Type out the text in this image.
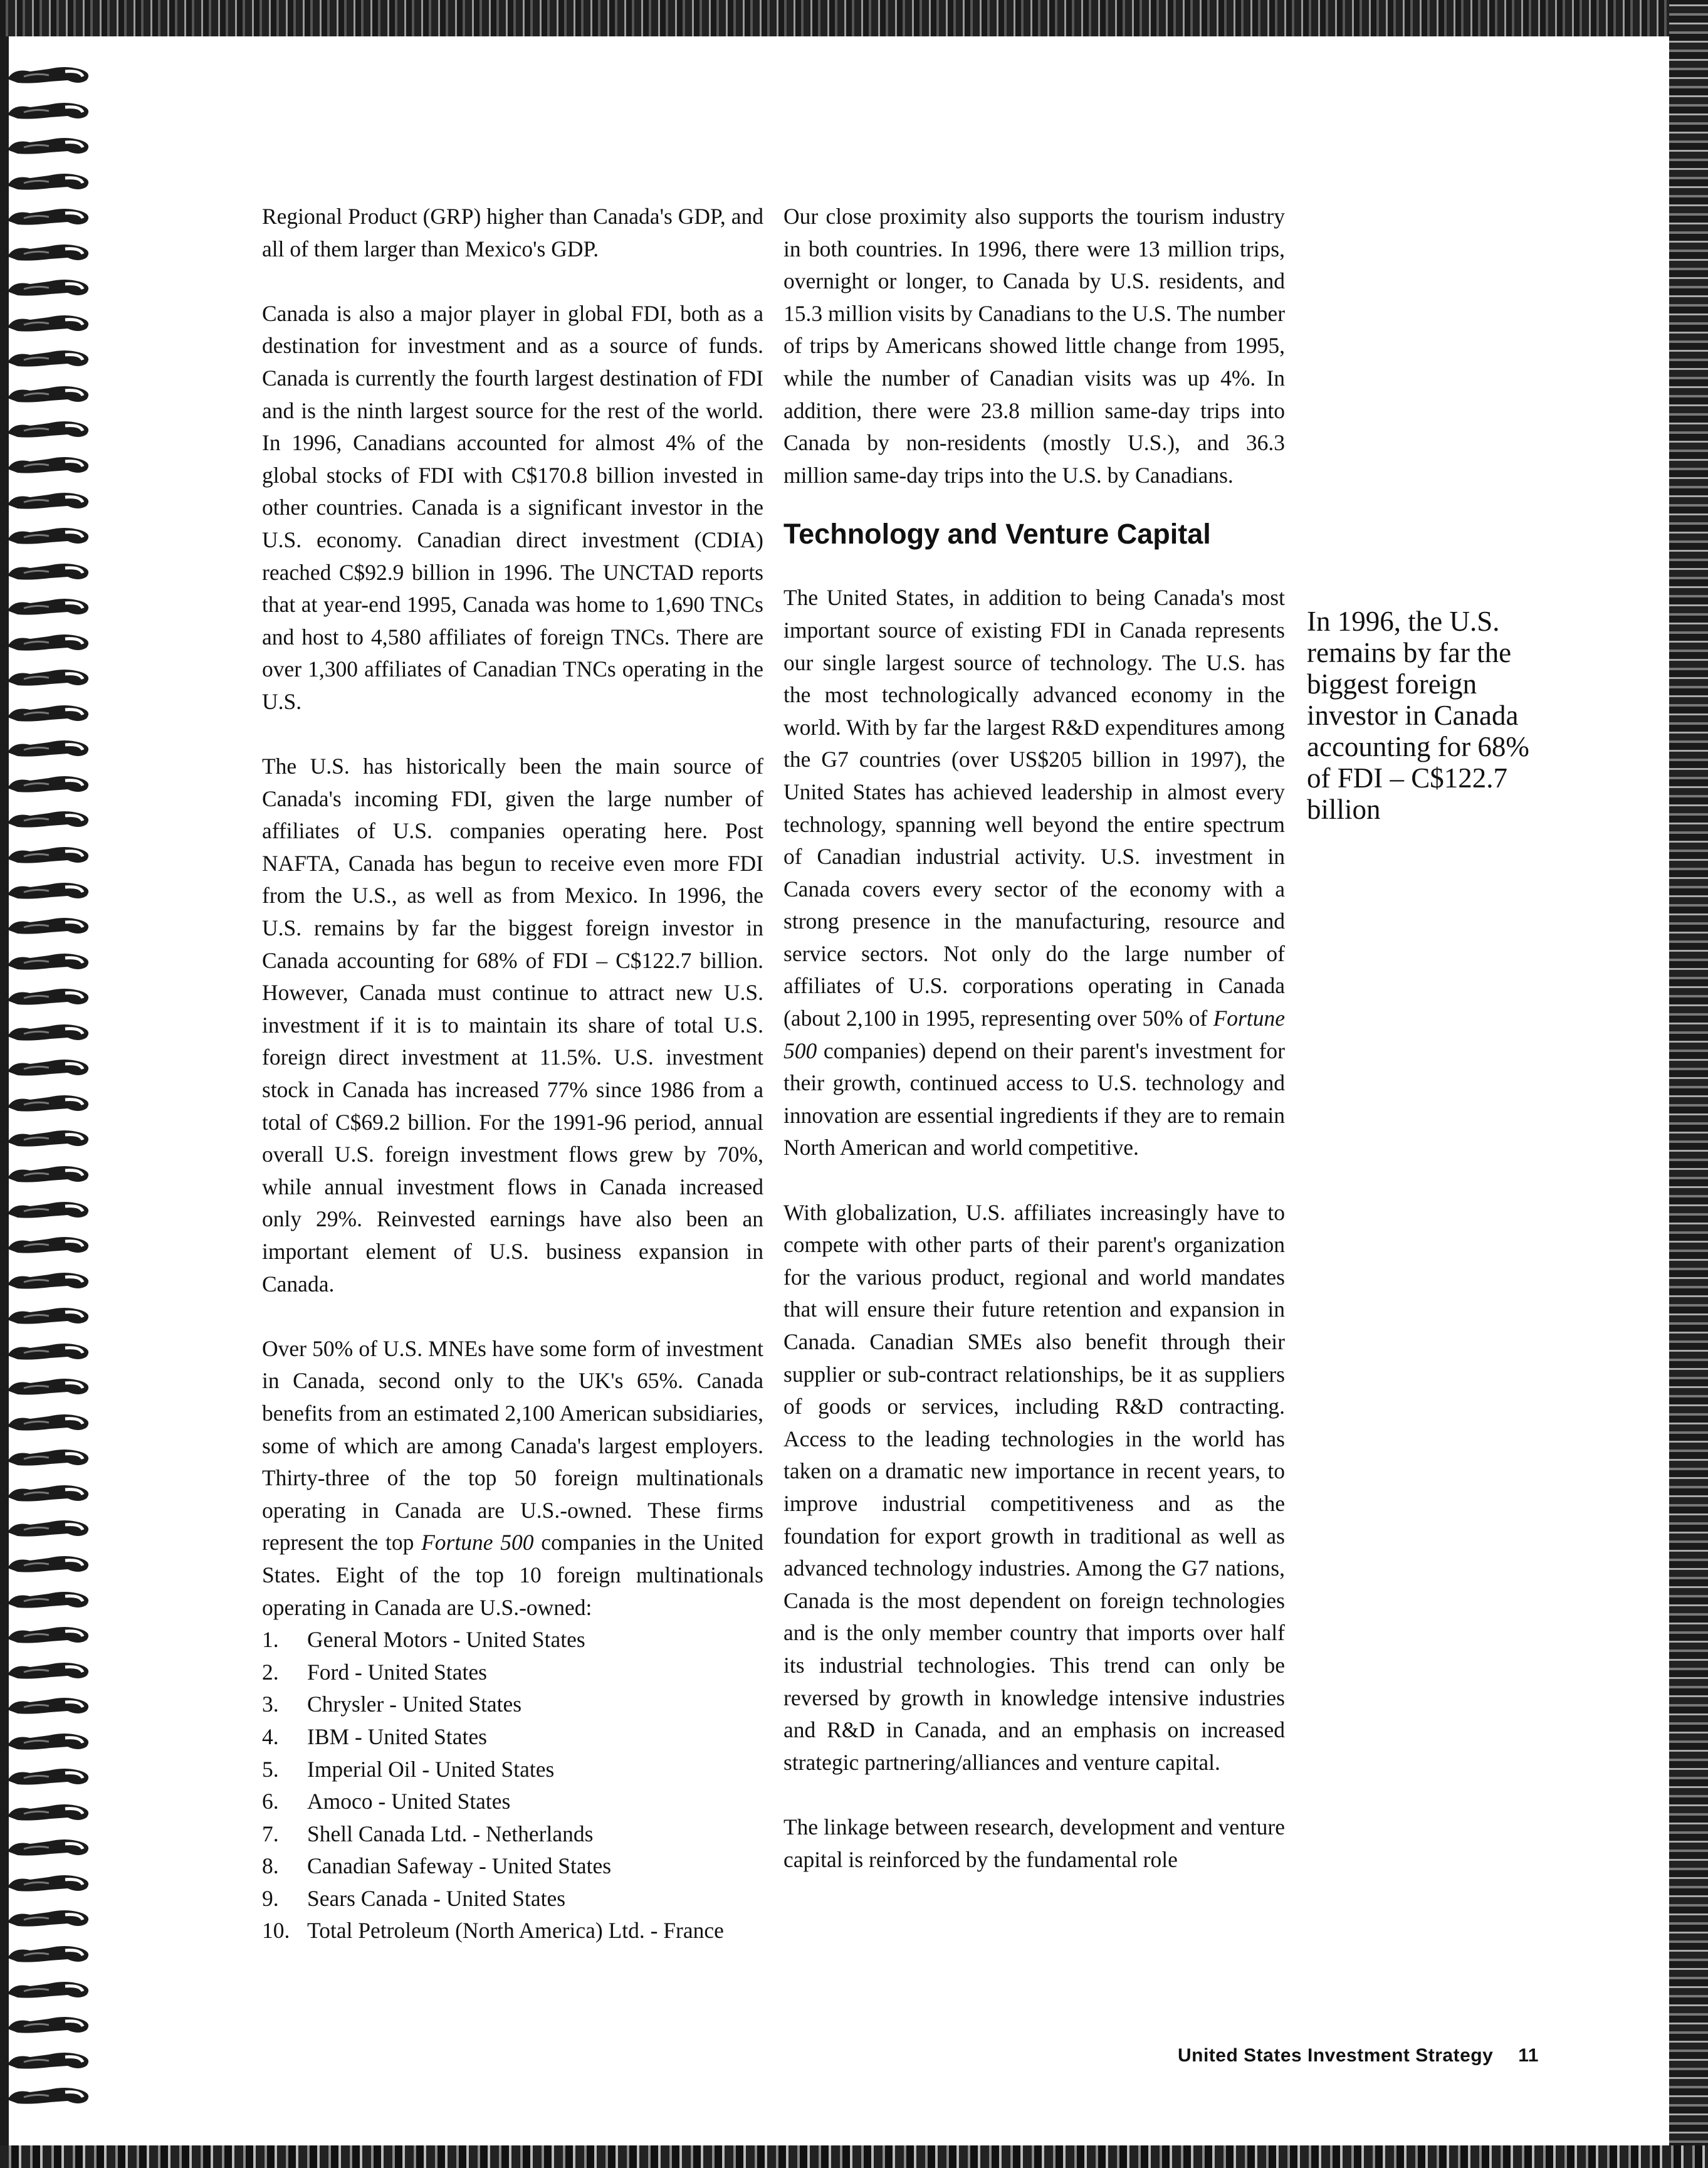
Regional Product (GRP) higher than Canada's GDP, and all of them larger than Mexico's GDP.

Canada is also a major player in global FDI, both as a destination for investment and as a source of funds. Canada is currently the fourth largest destination of FDI and is the ninth largest source for the rest of the world. In 1996, Canadians accounted for almost 4% of the global stocks of FDI with C$170.8 billion invested in other countries. Canada is a significant investor in the U.S. economy. Canadian direct investment (CDIA) reached C$92.9 billion in 1996. The UNCTAD reports that at year-end 1995, Canada was home to 1,690 TNCs and host to 4,580 affiliates of foreign TNCs. There are over 1,300 affiliates of Canadian TNCs operating in the U.S.

The U.S. has historically been the main source of Canada's incoming FDI, given the large number of affiliates of U.S. companies operating here. Post NAFTA, Canada has begun to receive even more FDI from the U.S., as well as from Mexico. In 1996, the U.S. remains by far the biggest foreign investor in Canada accounting for 68% of FDI – C$122.7 billion. However, Canada must continue to attract new U.S. investment if it is to maintain its share of total U.S. foreign direct investment at 11.5%. U.S. investment stock in Canada has increased 77% since 1986 from a total of C$69.2 billion. For the 1991-96 period, annual overall U.S. foreign investment flows grew by 70%, while annual investment flows in Canada increased only 29%. Reinvested earnings have also been an important element of U.S. business expansion in Canada.

Over 50% of U.S. MNEs have some form of investment in Canada, second only to the UK's 65%. Canada benefits from an estimated 2,100 American subsidiaries, some of which are among Canada's largest employers. Thirty-three of the top 50 foreign multinationals operating in Canada are U.S.-owned. These firms represent the top Fortune 500 companies in the United States. Eight of the top 10 foreign multinationals operating in Canada are U.S.-owned:

1.	General Motors - United States
2.	Ford - United States
3.	Chrysler - United States
4.	IBM - United States
5.	Imperial Oil - United States
6.	Amoco - United States
7.	Shell Canada Ltd. - Netherlands
8.	Canadian Safeway - United States
9.	Sears Canada - United States
10. Total Petroleum (North America) Ltd. - France

Our close proximity also supports the tourism industry in both countries. In 1996, there were 13 million trips, overnight or longer, to Canada by U.S. residents, and 15.3 million visits by Canadians to the U.S. The number of trips by Americans showed little change from 1995, while the number of Canadian visits was up 4%. In addition, there were 23.8 million same-day trips into Canada by non-residents (mostly U.S.), and 36.3 million same-day trips into the U.S. by Canadians.

Technology and Venture Capital

The United States, in addition to being Canada's most important source of existing FDI in Canada represents our single largest source of technology. The U.S. has the most technologically advanced economy in the world. With by far the largest R&D expenditures among the G7 countries (over US$205 billion in 1997), the United States has achieved leadership in almost every technology, spanning well beyond the entire spectrum of Canadian industrial activity. U.S. investment in Canada covers every sector of the economy with a strong presence in the manufacturing, resource and service sectors. Not only do the large number of affiliates of U.S. corporations operating in Canada (about 2,100 in 1995, representing over 50% of Fortune 500 companies) depend on their parent's investment for their growth, continued access to U.S. technology and innovation are essential ingredients if they are to remain North American and world competitive.

With globalization, U.S. affiliates increasingly have to compete with other parts of their parent's organization for the various product, regional and world mandates that will ensure their future retention and expansion in Canada. Canadian SMEs also benefit through their supplier or sub-contract relationships, be it as suppliers of goods or services, including R&D contracting. Access to the leading technologies in the world has taken on a dramatic new importance in recent years, to improve industrial competitiveness and as the foundation for export growth in traditional as well as advanced technology industries. Among the G7 nations, Canada is the most dependent on foreign technologies and is the only member country that imports over half its industrial technologies. This trend can only be reversed by growth in knowledge intensive industries and R&D in Canada, and an emphasis on increased strategic partnering/alliances and venture capital.

The linkage between research, development and venture capital is reinforced by the fundamental role

In 1996, the U.S. remains by far the biggest foreign investor in Canada accounting for 68% of FDI – C$122.7 billion
United States Investment Strategy 11
